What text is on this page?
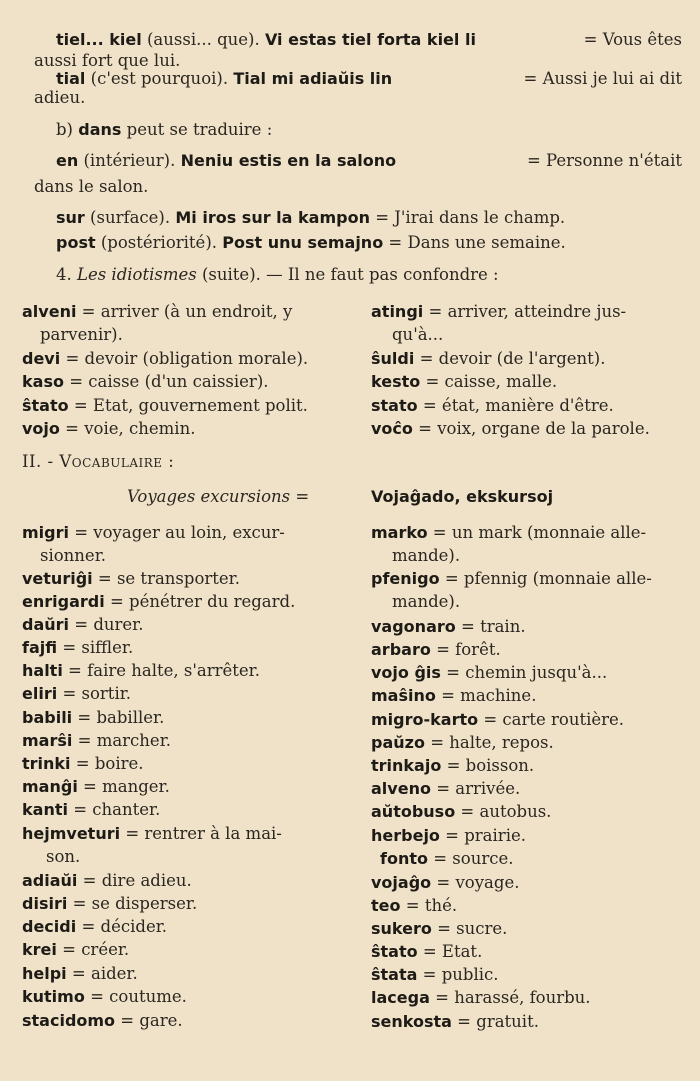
tiel... kiel (aussi... que). Vi estas tiel forta kiel li	= Vous êtes
aussi fort que lui.
tial (c'est pourquoi). Tial mi adiaŭis lin	= Aussi je lui ai dit
adieu.
b) dans peut se traduire :
en (intérieur). Neniu estis en la salono	= Personne n'était
dans le salon.
sur (surface). Mi iros sur la kampon = J'irai dans le champ.
post (postériorité). Post unu semajno = Dans une semaine.
4. Les idiotismes (suite). — Il ne faut pas confondre :
alveni = arriver (à un endroit, y
parvenir).
devi = devoir (obligation morale).
kaso = caisse (d'un caissier).
ŝtato = Etat, gouvernement polit.
vojo = voie, chemin.
atingi = arriver, atteindre jus-
qu'à...
ŝuldi = devoir (de l'argent).
kesto = caisse, malle.
stato = état, manière d'être.
voĉo = voix, organe de la parole.
II. - Vocabulaire :
Voyages excursions =	Vojaĝado, ekskursoj
migri = voyager au loin, excur-
sionner.
veturiĝi = se transporter.
enrigardi = pénétrer du regard.
daŭri = durer.
fajfi = siffler.
halti = faire halte, s'arrêter.
eliri = sortir.
babili = babiller.
marŝi = marcher.
trinki = boire.
manĝi = manger.
kanti = chanter.
hejmveturi = rentrer à la mai-
son.
adiaŭi = dire adieu.
disiri = se disperser.
decidi = décider.
krei = créer.
helpi = aider.
kutimo = coutume.
stacidomo = gare.
marko = un mark (monnaie alle-
mande).
pfenigo = pfennig (monnaie alle-
mande).
vagonaro = train.
arbaro = forêt.
vojo ĝis = chemin jusqu'à...
maŝino = machine.
migro-karto = carte routière.
paŭzo = halte, repos.
trinkajo = boisson.
alveno = arrivée.
aŭtobuso = autobus.
herbejo = prairie.
fonto = source.
vojaĝo = voyage.
teo = thé.
sukero = sucre.
ŝtato = Etat.
ŝtata = public.
lacega = harassé, fourbu.
senkosta = gratuit.
